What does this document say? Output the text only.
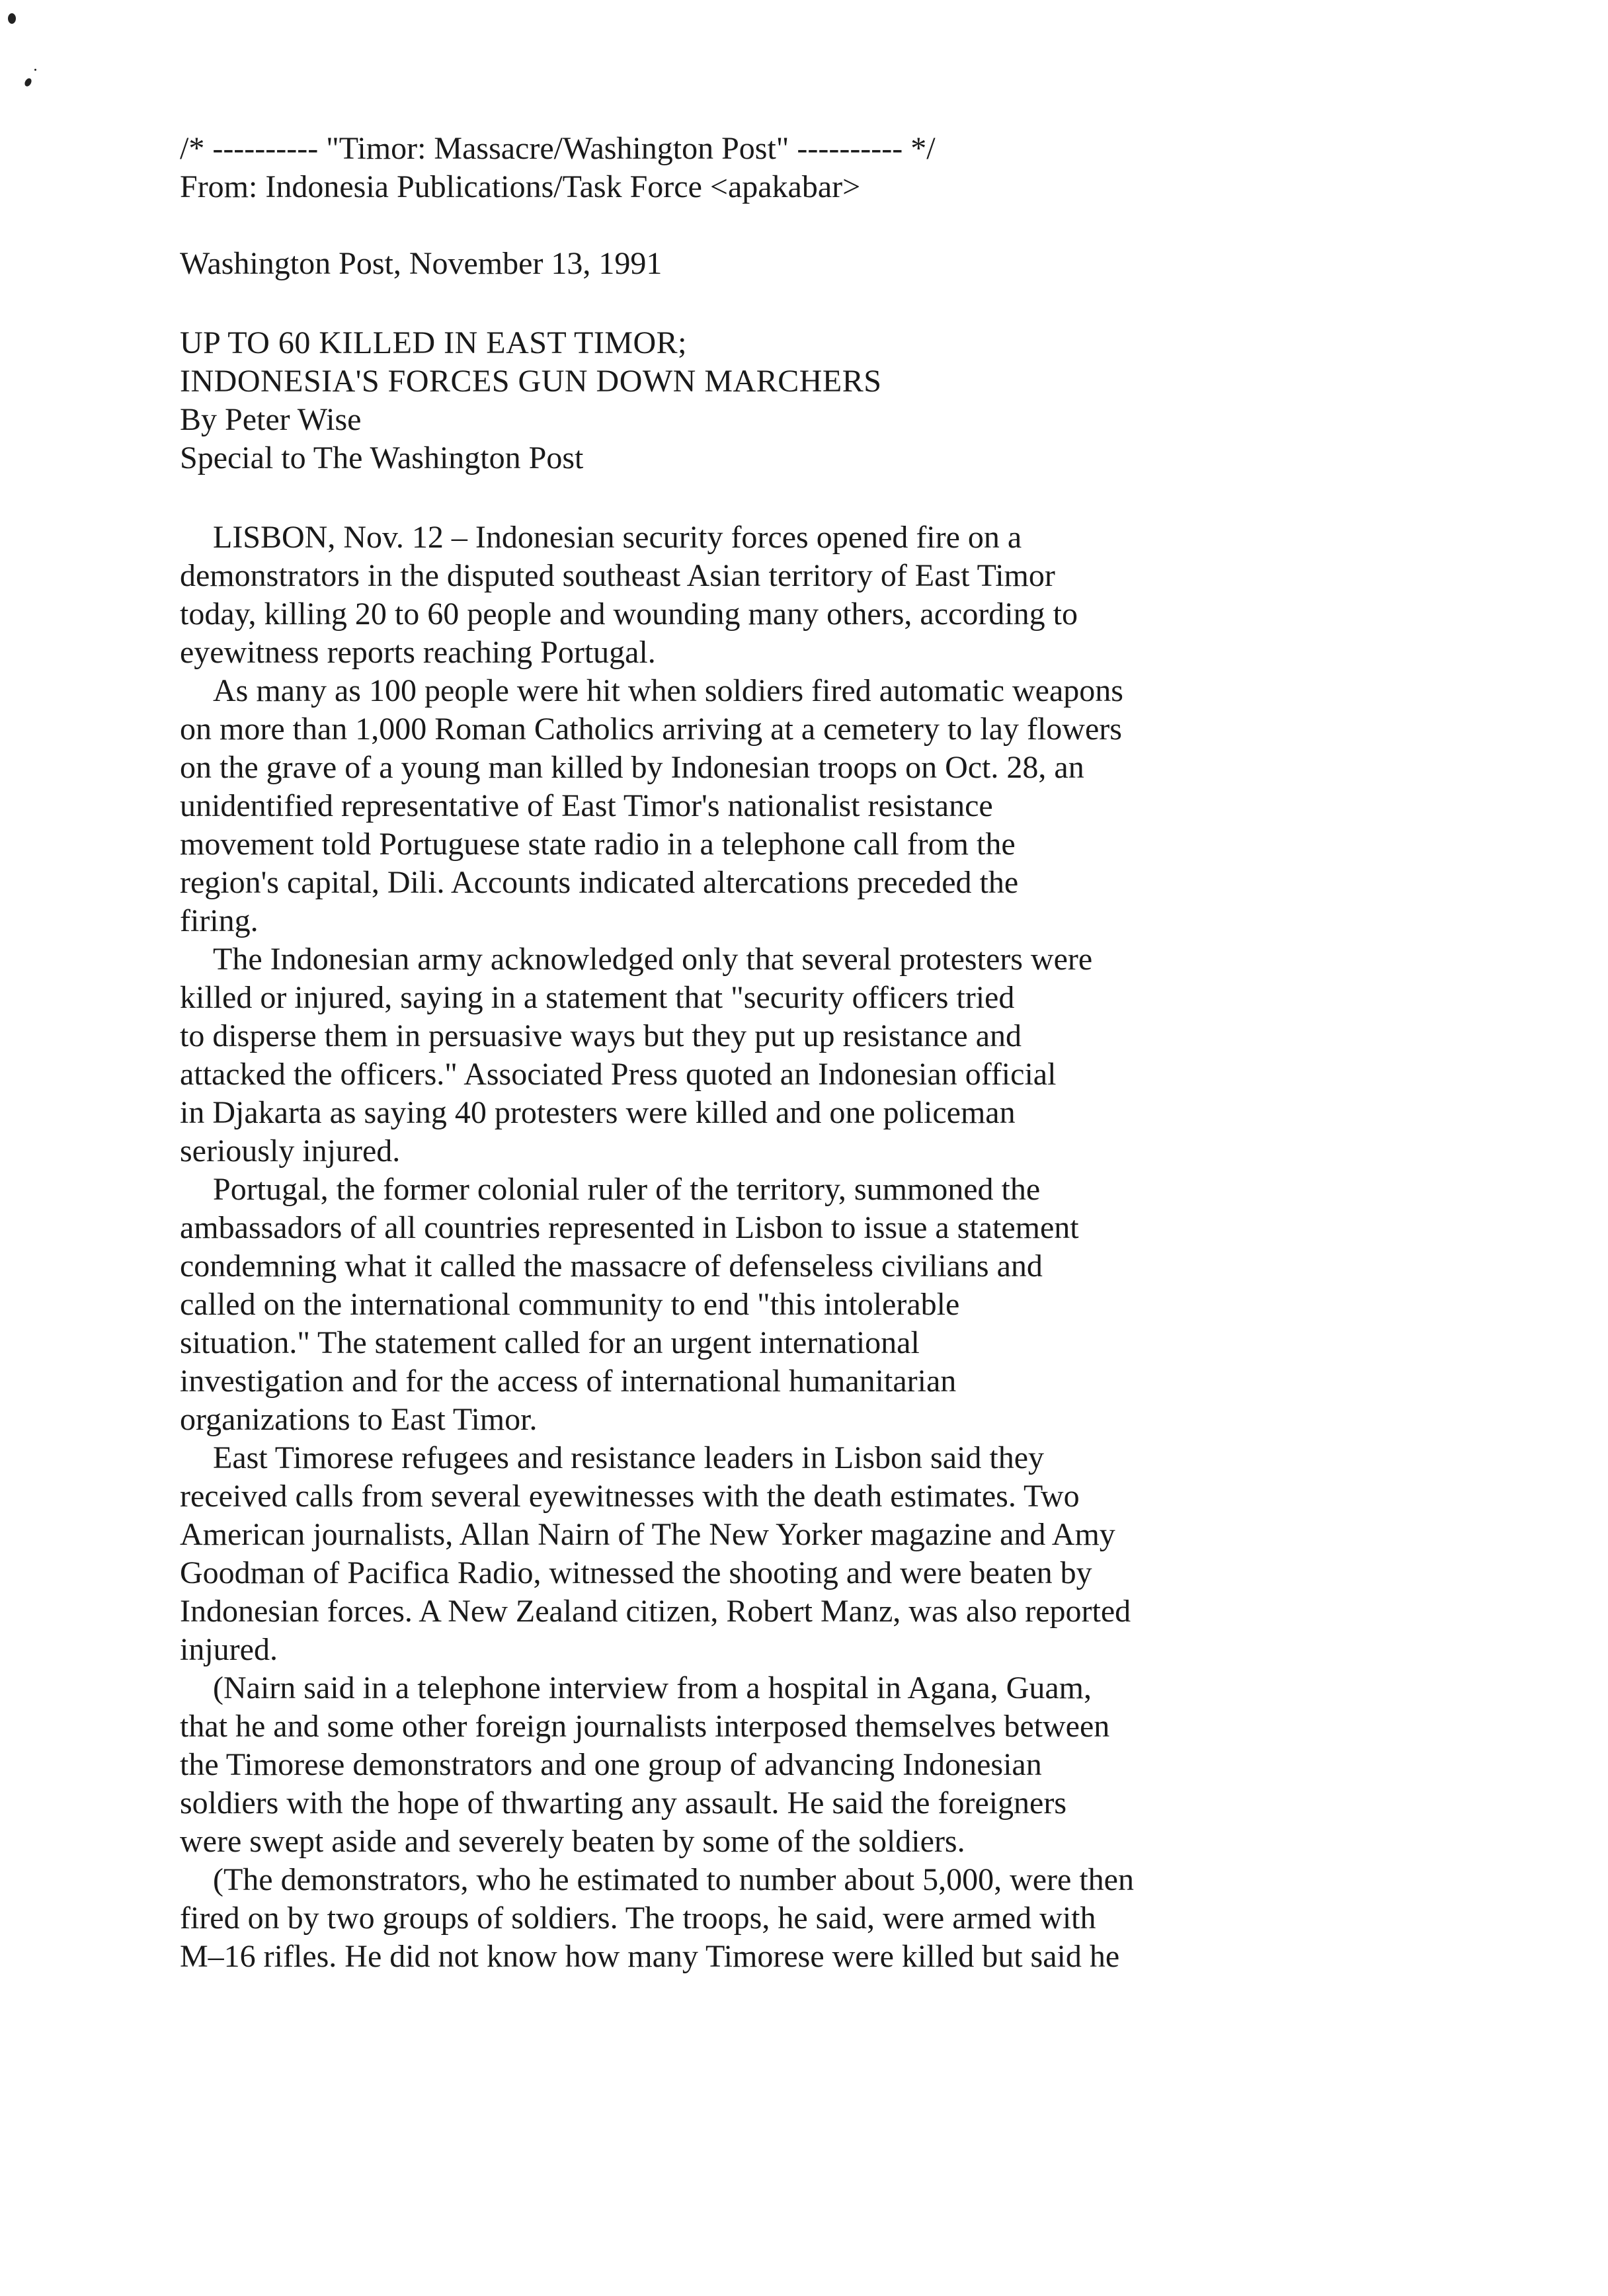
/* ---------- "Timor: Massacre/Washington Post" ---------- */

From: Indonesia Publications/Task Force <apakabar>

Washington Post, November 13, 1991

UP TO 60 KILLED IN EAST TIMOR;

INDONESIA'S FORCES GUN DOWN MARCHERS

By Peter Wise

Special to The Washington Post

LISBON, Nov. 12 – Indonesian security forces opened fire on a

demonstrators in the disputed southeast Asian territory of East Timor

today, killing 20 to 60 people and wounding many others, according to

eyewitness reports reaching Portugal.

As many as 100 people were hit when soldiers fired automatic weapons

on more than 1,000 Roman Catholics arriving at a cemetery to lay flowers

on the grave of a young man killed by Indonesian troops on Oct. 28, an

unidentified representative of East Timor's nationalist resistance

movement told Portuguese state radio in a telephone call from the

region's capital, Dili. Accounts indicated altercations preceded the

firing.

The Indonesian army acknowledged only that several protesters were

killed or injured, saying in a statement that "security officers tried

to disperse them in persuasive ways but they put up resistance and

attacked the officers." Associated Press quoted an Indonesian official

in Djakarta as saying 40 protesters were killed and one policeman

seriously injured.

Portugal, the former colonial ruler of the territory, summoned the

ambassadors of all countries represented in Lisbon to issue a statement

condemning what it called the massacre of defenseless civilians and

called on the international community to end "this intolerable

situation." The statement called for an urgent international

investigation and for the access of international humanitarian

organizations to East Timor.

East Timorese refugees and resistance leaders in Lisbon said they

received calls from several eyewitnesses with the death estimates. Two

American journalists, Allan Nairn of The New Yorker magazine and Amy

Goodman of Pacifica Radio, witnessed the shooting and were beaten by

Indonesian forces. A New Zealand citizen, Robert Manz, was also reported

injured.

(Nairn said in a telephone interview from a hospital in Agana, Guam,

that he and some other foreign journalists interposed themselves between

the Timorese demonstrators and one group of advancing Indonesian

soldiers with the hope of thwarting any assault. He said the foreigners

were swept aside and severely beaten by some of the soldiers.

(The demonstrators, who he estimated to number about 5,000, were then

fired on by two groups of soldiers. The troops, he said, were armed with

M–16 rifles. He did not know how many Timorese were killed but said he
